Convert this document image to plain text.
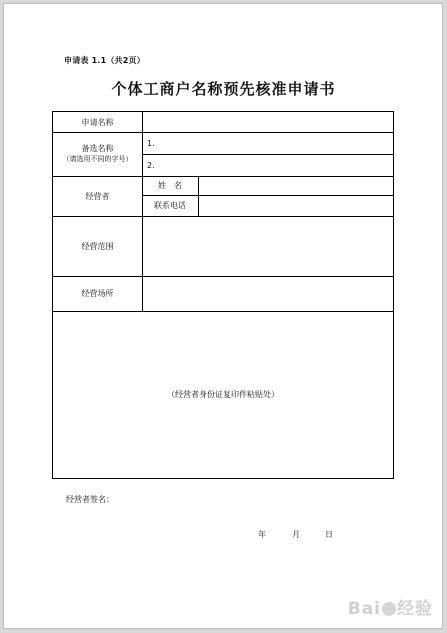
申请表 1.1（共2页）
个体工商户名称预先核准申请书
申请名称
备选名称
（请选用不同的字号）
1.
2.
经营者
姓　名
联系电话
经营范围
经营场所
（经营者身份证复印件粘贴处）
经营者签名：
年	月	日
Bai 经验
